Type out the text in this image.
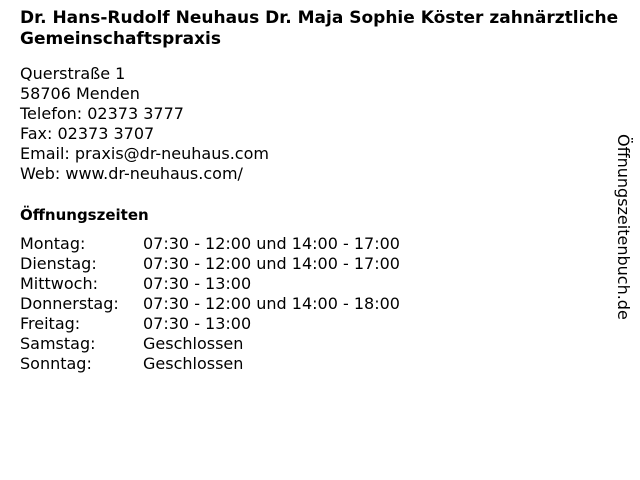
Dr. Hans-Rudolf Neuhaus Dr. Maja Sophie Köster zahnärztliche Gemeinschaftspraxis
Querstraße 1
58706 Menden
Telefon: 02373 3777
Fax: 02373 3707
Email: praxis@dr-neuhaus.com
Web: www.dr-neuhaus.com/
Öffnungszeiten
Montag:	07:30 - 12:00 und 14:00 - 17:00
Dienstag:	07:30 - 12:00 und 14:00 - 17:00
Mittwoch:	07:30 - 13:00
Donnerstag:	07:30 - 12:00 und 14:00 - 18:00
Freitag:	07:30 - 13:00
Samstag:	Geschlossen
Sonntag:	Geschlossen
Öffnungszeitenbuch.de
